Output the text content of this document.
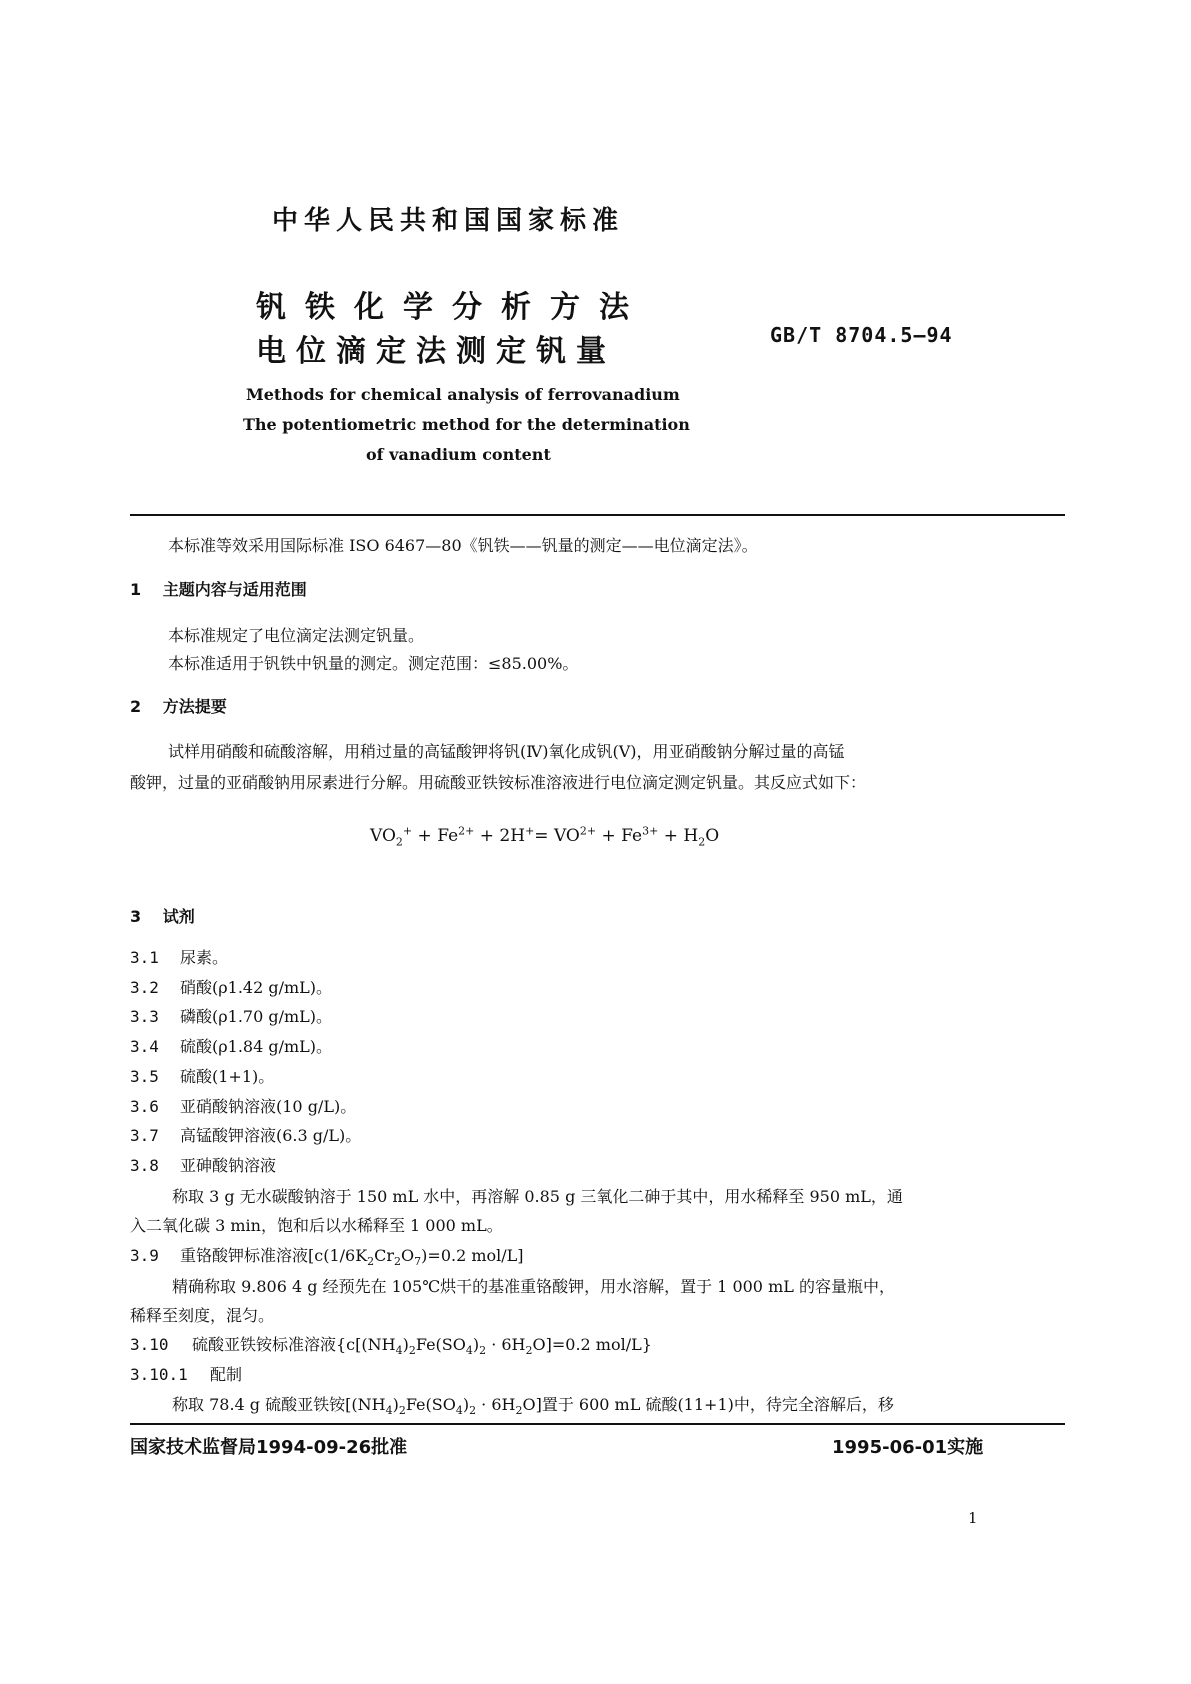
中华人民共和国国家标准
钒铁化学分析方法
电位滴定法测定钒量	GB/T 8704.5—94
Methods for chemical analysis of ferrovanadium
The potentiometric method for the determination
of vanadium content
本标准等效采用国际标准 ISO 6467—80《钒铁——钒量的测定——电位滴定法》。
1 主题内容与适用范围
本标准规定了电位滴定法测定钒量。
本标准适用于钒铁中钒量的测定。测定范围：≤85.00%。
2 方法提要
试样用硝酸和硫酸溶解，用稍过量的高锰酸钾将钒(Ⅳ)氧化成钒(Ⅴ)，用亚硝酸钠分解过量的高锰
酸钾，过量的亚硝酸钠用尿素进行分解。用硫酸亚铁铵标准溶液进行电位滴定测定钒量。其反应式如下：
$VO_2^+ + Fe^{2+} + 2H^+= VO^{2+} + Fe^{3+} + H_2O$
3 试剂
3.1 尿素。
3.2 硝酸(ρ1.42 g/mL)。
3.3 磷酸(ρ1.70 g/mL)。
3.4 硫酸(ρ1.84 g/mL)。
3.5 硫酸(1+1)。
3.6 亚硝酸钠溶液(10 g/L)。
3.7 高锰酸钾溶液(6.3 g/L)。
3.8 亚砷酸钠溶液
称取 3 g 无水碳酸钠溶于 150 mL 水中，再溶解 0.85 g 三氧化二砷于其中，用水稀释至 950 mL，通
入二氧化碳 3 min，饱和后以水稀释至 1 000 mL。
3.9 重铬酸钾标准溶液[$c(1/6K_2Cr_2O_7)=0.2$ mol/L]
精确称取 9.806 4 g 经预先在 105℃烘干的基准重铬酸钾，用水溶解，置于 1 000 mL 的容量瓶中，
稀释至刻度，混匀。
3.10 硫酸亚铁铵标准溶液{$c[(NH_4)_2Fe(SO_4)_2 \cdot 6H_2O]=0.2$ mol/L}
3.10.1 配制
称取 78.4 g 硫酸亚铁铵$[(NH_4)_2Fe(SO_4)_2 \cdot 6H_2O]$置于 600 mL 硫酸(11+1)中，待完全溶解后，移
国家技术监督局1994-09-26批准	1995-06-01实施
1
